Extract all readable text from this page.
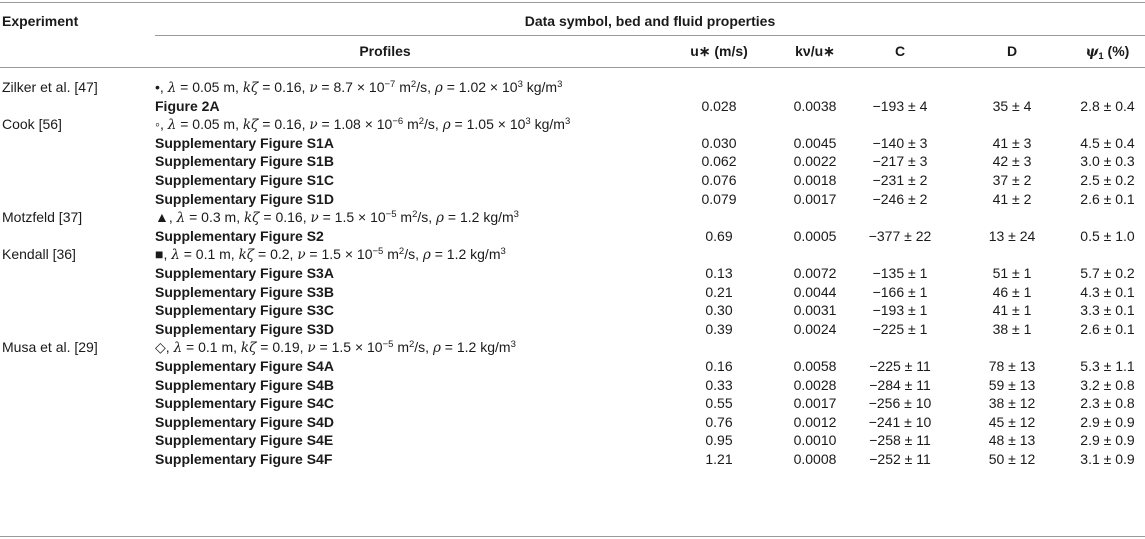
Experiment	Data symbol, bed and fluid properties
Profiles	u∗ (m/s)	kν/u∗	C	D	$\psi_1$ (%)
Zilker et al. [47]	•, λ = 0.05 m, kζ = 0.16, $\nu = 8.7 \times 10^{-7}$ $m^2/s$, $\rho = 1.02 \times 10^3$ $kg/m^3$
Figure 2A	0.028	0.0038	−193 ± 4	35 ± 4	2.8 ± 0.4
Cook [56]	◦, λ = 0.05 m, kζ = 0.16, $\nu = 1.08 \times 10^{-6}$ $m^2/s$, $\rho = 1.05 \times 10^3$ $kg/m^3$
Supplementary Figure S1A	0.030	0.0045	−140 ± 3	41 ± 3	4.5 ± 0.4
Supplementary Figure S1B	0.062	0.0022	−217 ± 3	42 ± 3	3.0 ± 0.3
Supplementary Figure S1C	0.076	0.0018	−231 ± 2	37 ± 2	2.5 ± 0.2
Supplementary Figure S1D	0.079	0.0017	−246 ± 2	41 ± 2	2.6 ± 0.1
Motzfeld [37]	▲, λ = 0.3 m, kζ = 0.16, $\nu = 1.5 \times 10^{-5}$ $m^2/s$, ρ = 1.2 $kg/m^3$
Supplementary Figure S2	0.69	0.0005	−377 ± 22	13 ± 24	0.5 ± 1.0
Kendall [36]	■, λ = 0.1 m, kζ = 0.2, $\nu = 1.5 \times 10^{-5}$ $m^2/s$, ρ = 1.2 $kg/m^3$
Supplementary Figure S3A	0.13	0.0072	−135 ± 1	51 ± 1	5.7 ± 0.2
Supplementary Figure S3B	0.21	0.0044	−166 ± 1	46 ± 1	4.3 ± 0.1
Supplementary Figure S3C	0.30	0.0031	−193 ± 1	41 ± 1	3.3 ± 0.1
Supplementary Figure S3D	0.39	0.0024	−225 ± 1	38 ± 1	2.6 ± 0.1
Musa et al. [29]	◇, λ = 0.1 m, kζ = 0.19, $\nu = 1.5 \times 10^{-5}$ $m^2/s$, ρ = 1.2 $kg/m^3$
Supplementary Figure S4A	0.16	0.0058	−225 ± 11	78 ± 13	5.3 ± 1.1
Supplementary Figure S4B	0.33	0.0028	−284 ± 11	59 ± 13	3.2 ± 0.8
Supplementary Figure S4C	0.55	0.0017	−256 ± 10	38 ± 12	2.3 ± 0.8
Supplementary Figure S4D	0.76	0.0012	−241 ± 10	45 ± 12	2.9 ± 0.9
Supplementary Figure S4E	0.95	0.0010	−258 ± 11	48 ± 13	2.9 ± 0.9
Supplementary Figure S4F	1.21	0.0008	−252 ± 11	50 ± 12	3.1 ± 0.9
